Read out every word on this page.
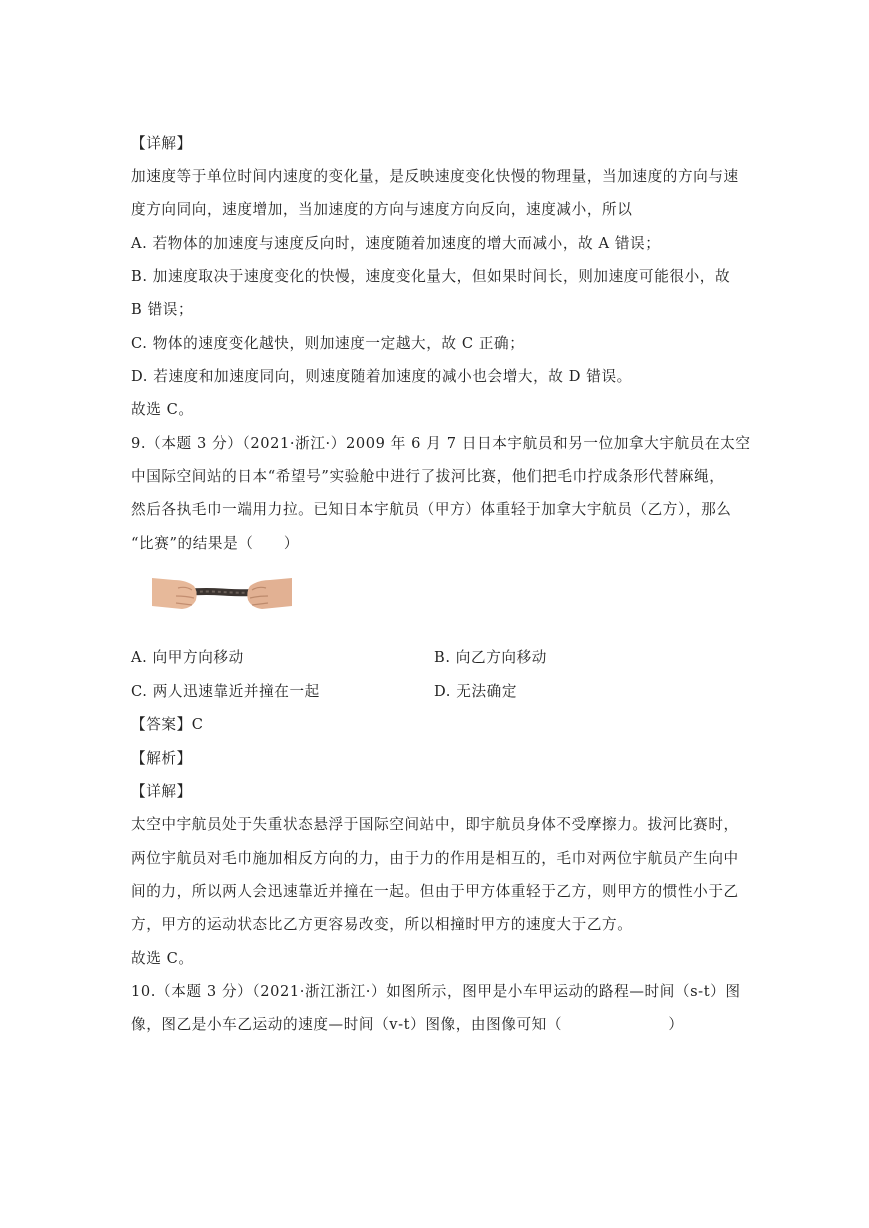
【详解】
加速度等于单位时间内速度的变化量，是反映速度变化快慢的物理量，当加速度的方向与速
度方向同向，速度增加，当加速度的方向与速度方向反向，速度减小，所以
A. 若物体的加速度与速度反向时，速度随着加速度的增大而减小，故 A 错误；
B. 加速度取决于速度变化的快慢，速度变化量大，但如果时间长，则加速度可能很小，故
B 错误；
C. 物体的速度变化越快，则加速度一定越大，故 C 正确；
D. 若速度和加速度同向，则速度随着加速度的减小也会增大，故 D 错误。
故选 C。
9.（本题 3 分）（2021·浙江·）2009 年 6 月 7 日日本宇航员和另一位加拿大宇航员在太空
中国际空间站的日本“希望号”实验舱中进行了拔河比赛，他们把毛巾拧成条形代替麻绳，
然后各执毛巾一端用力拉。已知日本宇航员（甲方）体重轻于加拿大宇航员（乙方），那么
“比赛”的结果是（　　）
A. 向甲方向移动	B. 向乙方向移动
C. 两人迅速靠近并撞在一起	D. 无法确定
【答案】C
【解析】
【详解】
太空中宇航员处于失重状态悬浮于国际空间站中，即宇航员身体不受摩擦力。拔河比赛时，
两位宇航员对毛巾施加相反方向的力，由于力的作用是相互的，毛巾对两位宇航员产生向中
间的力，所以两人会迅速靠近并撞在一起。但由于甲方体重轻于乙方，则甲方的惯性小于乙
方，甲方的运动状态比乙方更容易改变，所以相撞时甲方的速度大于乙方。
故选 C。
10.（本题 3 分）（2021·浙江浙江·）如图所示，图甲是小车甲运动的路程—时间（s-t）图
像，图乙是小车乙运动的速度—时间（v-t）图像，由图像可知（　　　　　　　）
